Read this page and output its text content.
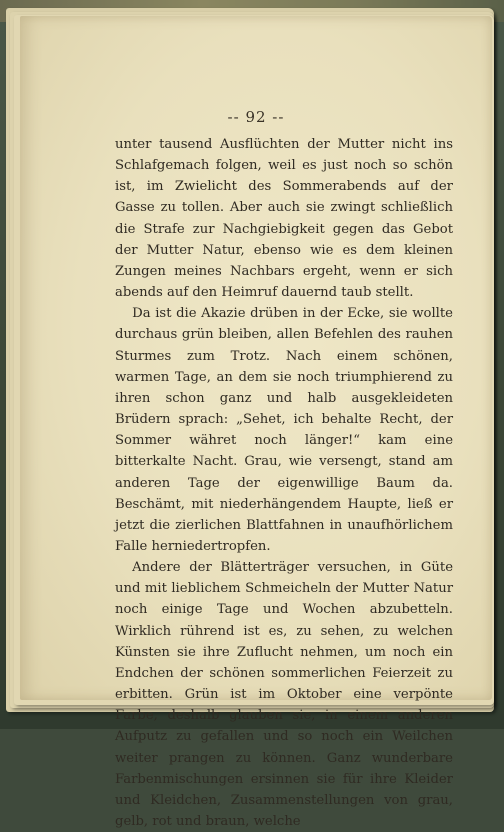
-- 92 --

unter tausend Ausflüchten der Mutter nicht ins Schlafgemach folgen, weil es just noch so schön ist, im Zwielicht des Sommerabends auf der Gasse zu tollen. Aber auch sie zwingt schließlich die Strafe zur Nachgiebigkeit gegen das Gebot der Mutter Natur, ebenso wie es dem kleinen Zungen meines Nachbars ergeht, wenn er sich abends auf den Heimruf dauernd taub stellt.

Da ist die Akazie drüben in der Ecke, sie wollte durchaus grün bleiben, allen Befehlen des rauhen Sturmes zum Trotz. Nach einem schönen, warmen Tage, an dem sie noch triumphierend zu ihren schon ganz und halb ausgekleideten Brüdern sprach: „Sehet, ich behalte Recht, der Sommer währet noch länger!“ kam eine bitterkalte Nacht. Grau, wie versengt, stand am anderen Tage der eigenwillige Baum da. Beschämt, mit niederhängendem Haupte, ließ er jetzt die zierlichen Blattfahnen in unaufhörlichem Falle herniedertropfen.

Andere der Blätterträger versuchen, in Güte und mit lieblichem Schmeicheln der Mutter Natur noch einige Tage und Wochen abzubetteln. Wirklich rührend ist es, zu sehen, zu welchen Künsten sie ihre Zuflucht nehmen, um noch ein Endchen der schönen sommerlichen Feierzeit zu erbitten. Grün ist im Oktober eine verpönte Farbe, deshalb glauben sie, in einem anderen Aufputz zu gefallen und so noch ein Weilchen weiter prangen zu können. Ganz wunderbare Farbenmischungen ersinnen sie für ihre Kleider und Kleidchen, Zusammenstellungen von grau, gelb, rot und braun, welche
